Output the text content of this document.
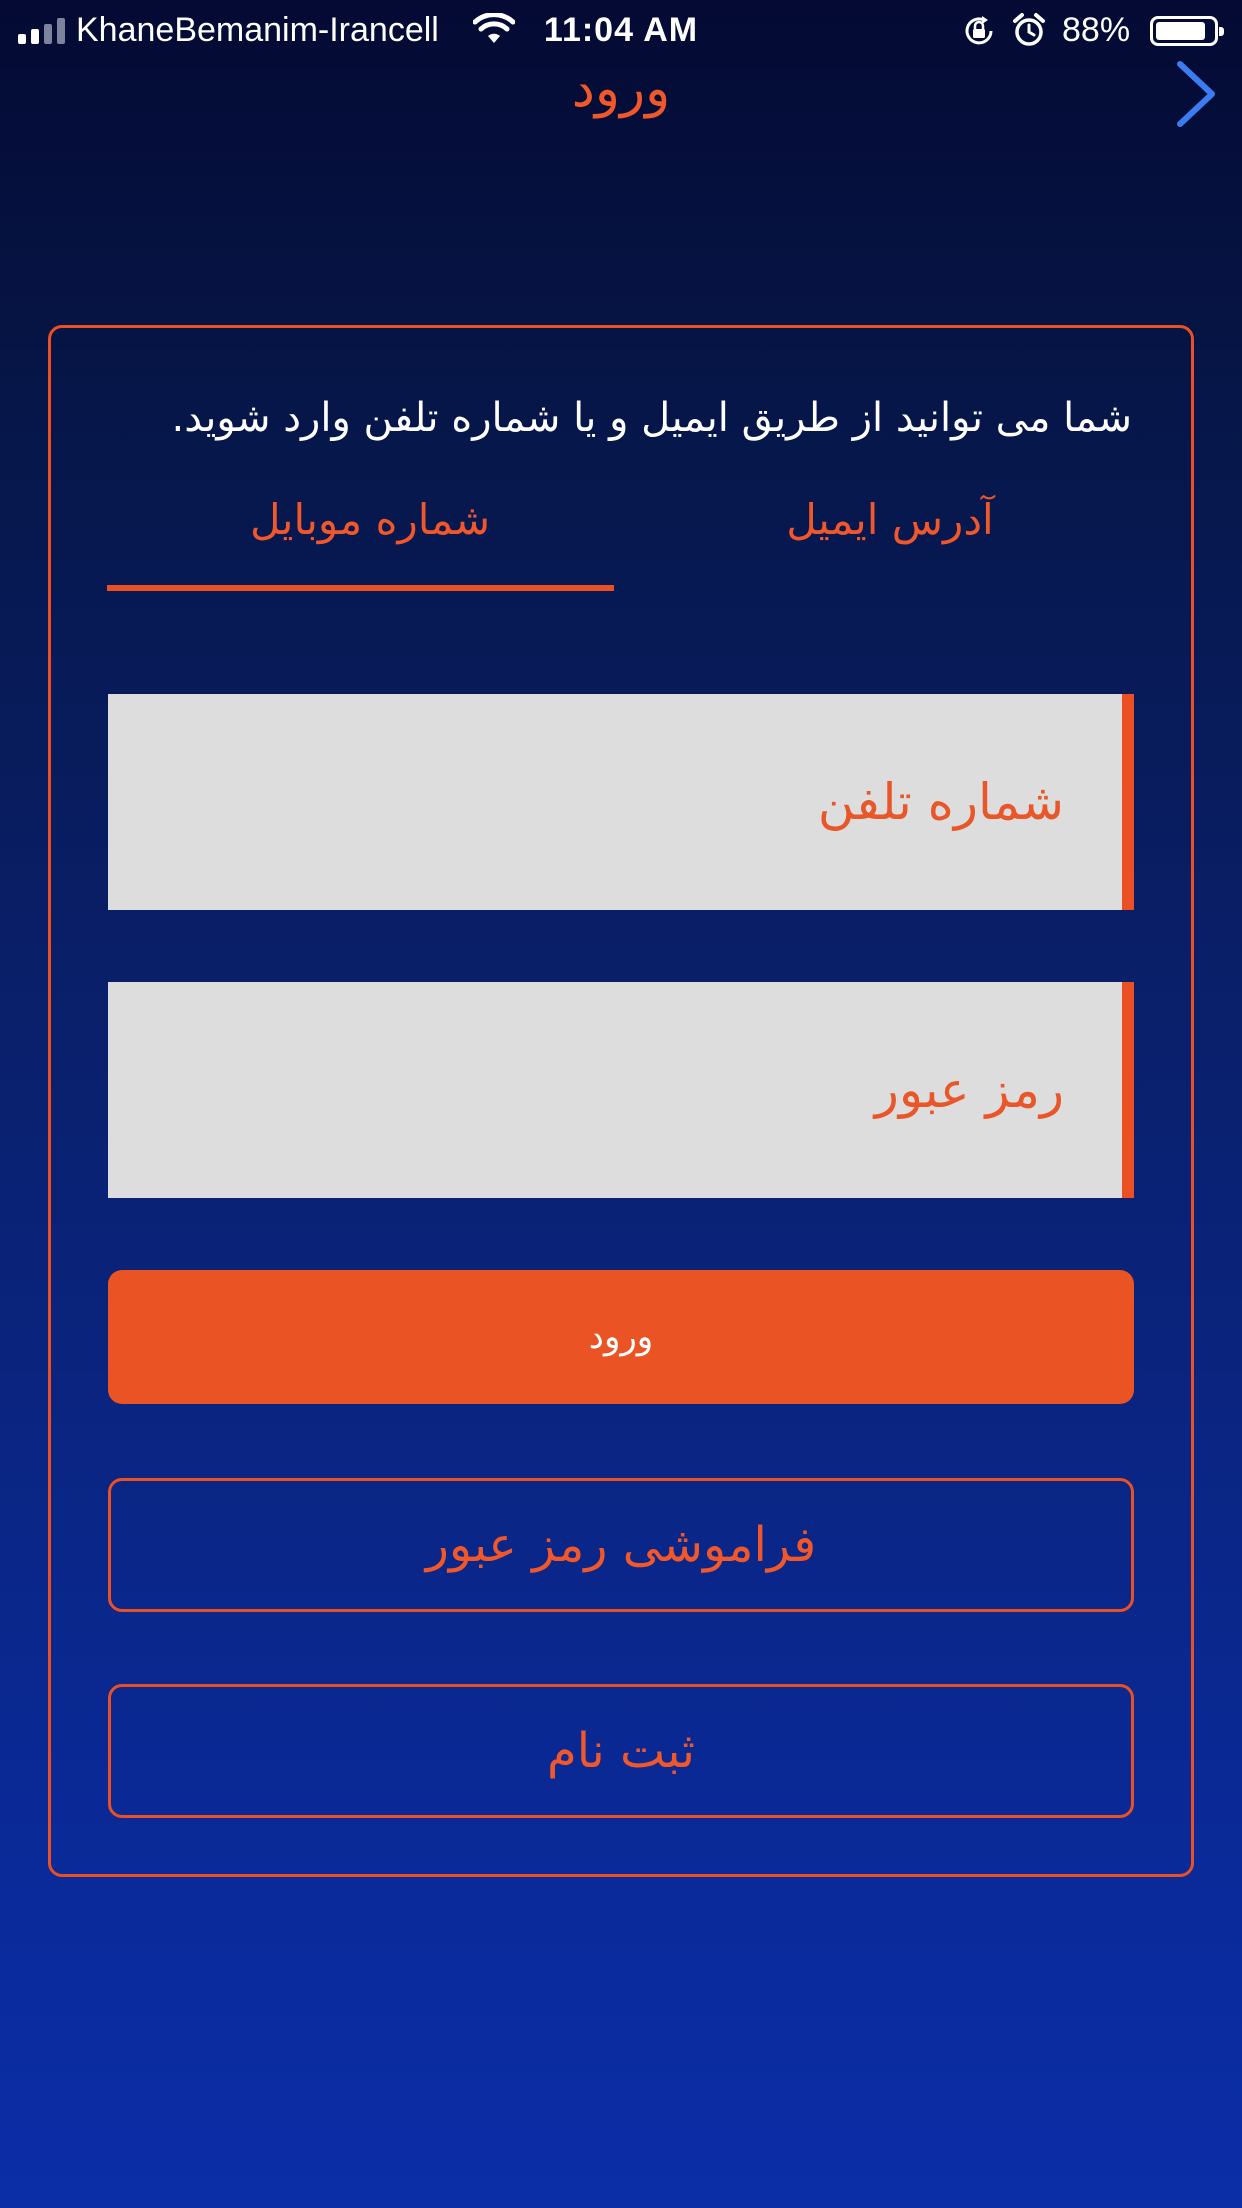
KhaneBemanim-Irancell	11:04 AM	88%
ورود
شما می توانید از طریق ایمیل و یا شماره تلفن وارد شوید.
آدرس ایمیل
شماره موبایل
شماره تلفن
ورود
فراموشی رمز عبور
ثبت نام
